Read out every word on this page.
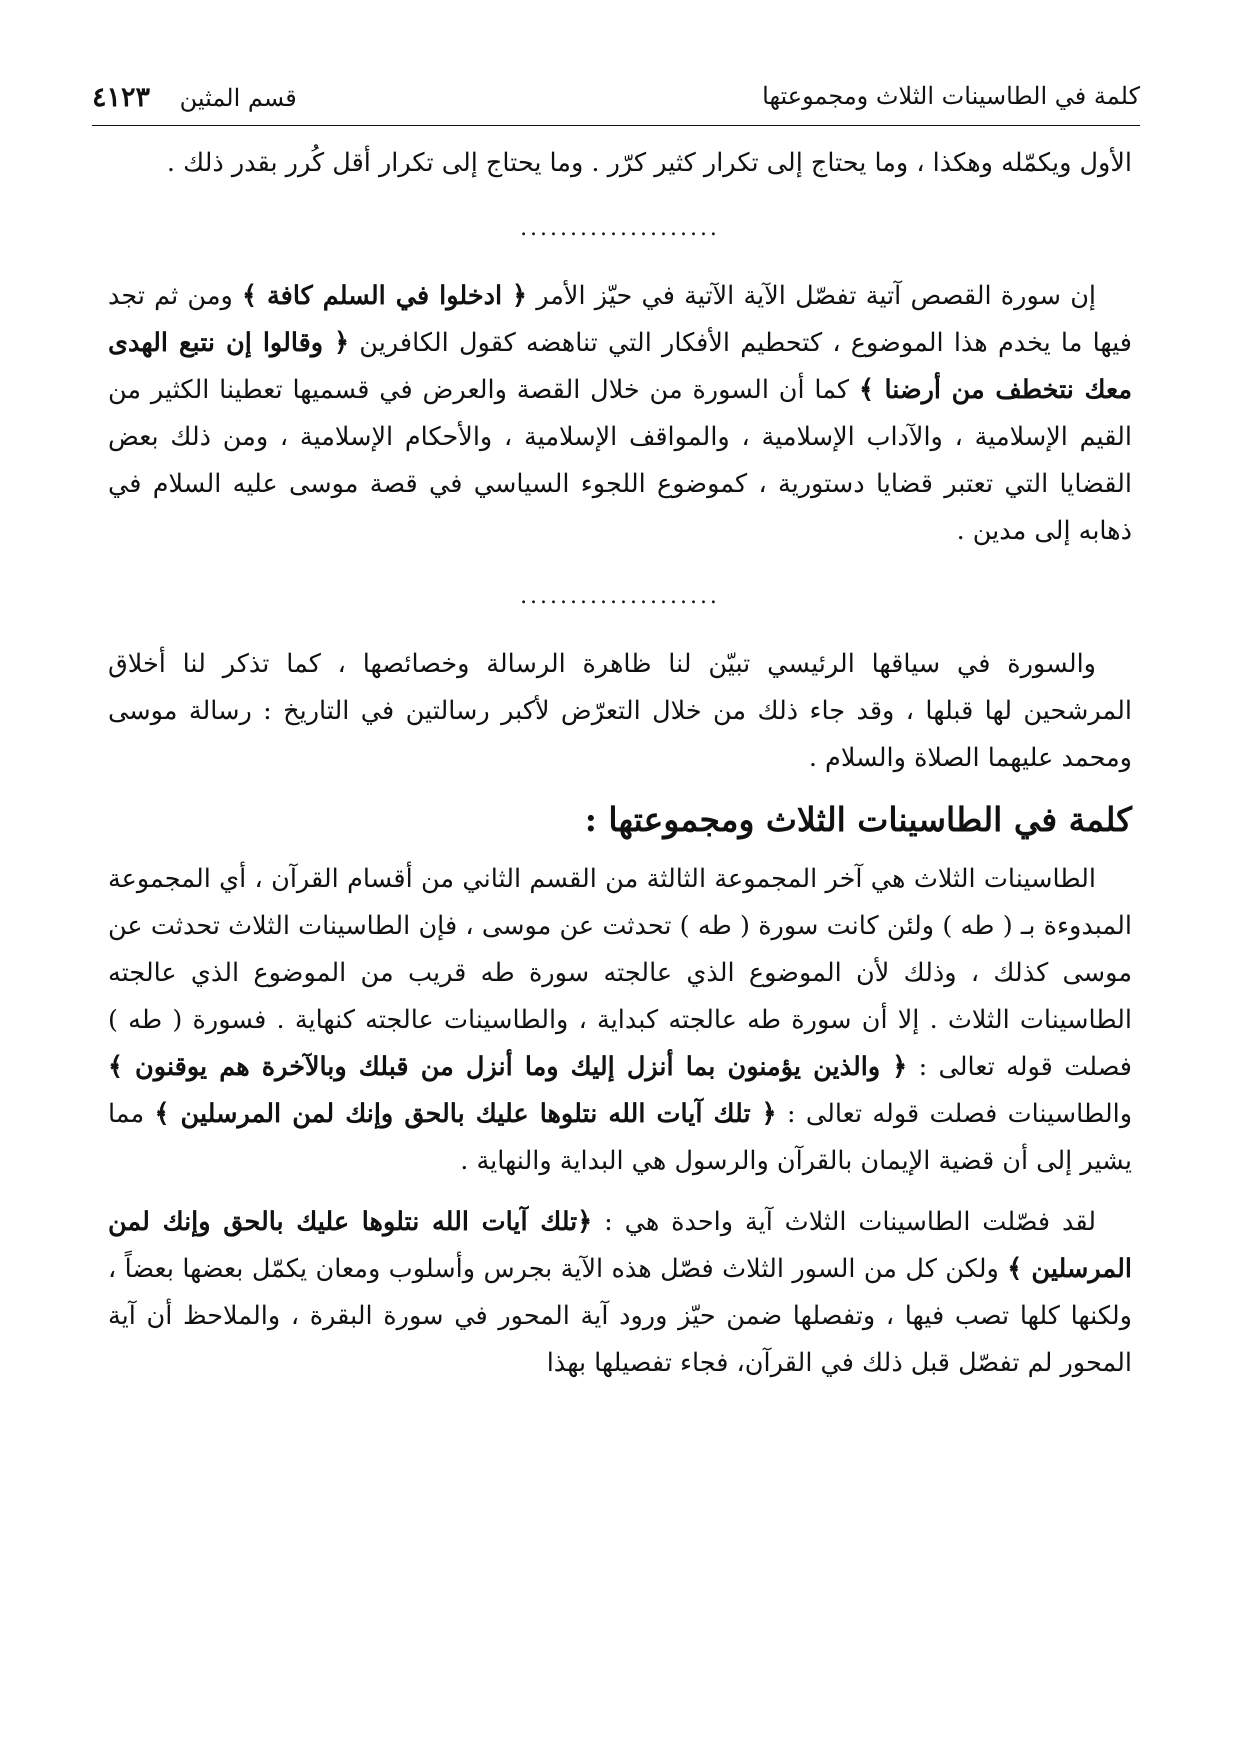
كلمة في الطاسينات الثلاث ومجموعتها
قسم المثين ٤١٢٣

الأول ويكمّله وهكذا ، وما يحتاج إلى تكرار كثير كرّر . وما يحتاج إلى تكرار أقل كُرر بقدر ذلك .

....................

إن سورة القصص آتية تفصّل الآية الآتية في حيّز الأمر ﴿ ادخلوا في السلم كافة ﴾ ومن ثم تجد فيها ما يخدم هذا الموضوع ، كتحطيم الأفكار التي تناهضه كقول الكافرين ﴿ وقالوا إن نتبع الهدى معك نتخطف من أرضنا ﴾ كما أن السورة من خلال القصة والعرض في قسميها تعطينا الكثير من القيم الإسلامية ، والآداب الإسلامية ، والمواقف الإسلامية ، والأحكام الإسلامية ، ومن ذلك بعض القضايا التي تعتبر قضايا دستورية ، كموضوع اللجوء السياسي في قصة موسى عليه السلام في ذهابه إلى مدين .

....................

والسورة في سياقها الرئيسي تبيّن لنا ظاهرة الرسالة وخصائصها ، كما تذكر لنا أخلاق المرشحين لها قبلها ، وقد جاء ذلك من خلال التعرّض لأكبر رسالتين في التاريخ : رسالة موسى ومحمد عليهما الصلاة والسلام .

كلمة في الطاسينات الثلاث ومجموعتها :

الطاسينات الثلاث هي آخر المجموعة الثالثة من القسم الثاني من أقسام القرآن ، أي المجموعة المبدوءة بـ ( طه ) ولئن كانت سورة ( طه ) تحدثت عن موسى ، فإن الطاسينات الثلاث تحدثت عن موسى كذلك ، وذلك لأن الموضوع الذي عالجته سورة طه قريب من الموضوع الذي عالجته الطاسينات الثلاث . إلا أن سورة طه عالجته كبداية ، والطاسينات عالجته كنهاية . فسورة ( طه ) فصلت قوله تعالى : ﴿ والذين يؤمنون بما أنزل إليك وما أنزل من قبلك وبالآخرة هم يوقنون ﴾ والطاسينات فصلت قوله تعالى : ﴿ تلك آيات الله نتلوها عليك بالحق وإنك لمن المرسلين ﴾ مما يشير إلى أن قضية الإيمان بالقرآن والرسول هي البداية والنهاية .

لقد فصّلت الطاسينات الثلاث آية واحدة هي : ﴿تلك آيات الله نتلوها عليك بالحق وإنك لمن المرسلين ﴾ ولكن كل من السور الثلاث فصّل هذه الآية بجرس وأسلوب ومعان يكمّل بعضها بعضاً ، ولكنها كلها تصب فيها ، وتفصلها ضمن حيّز ورود آية المحور في سورة البقرة ، والملاحظ أن آية المحور لم تفصّل قبل ذلك في القرآن، فجاء تفصيلها بهذا
